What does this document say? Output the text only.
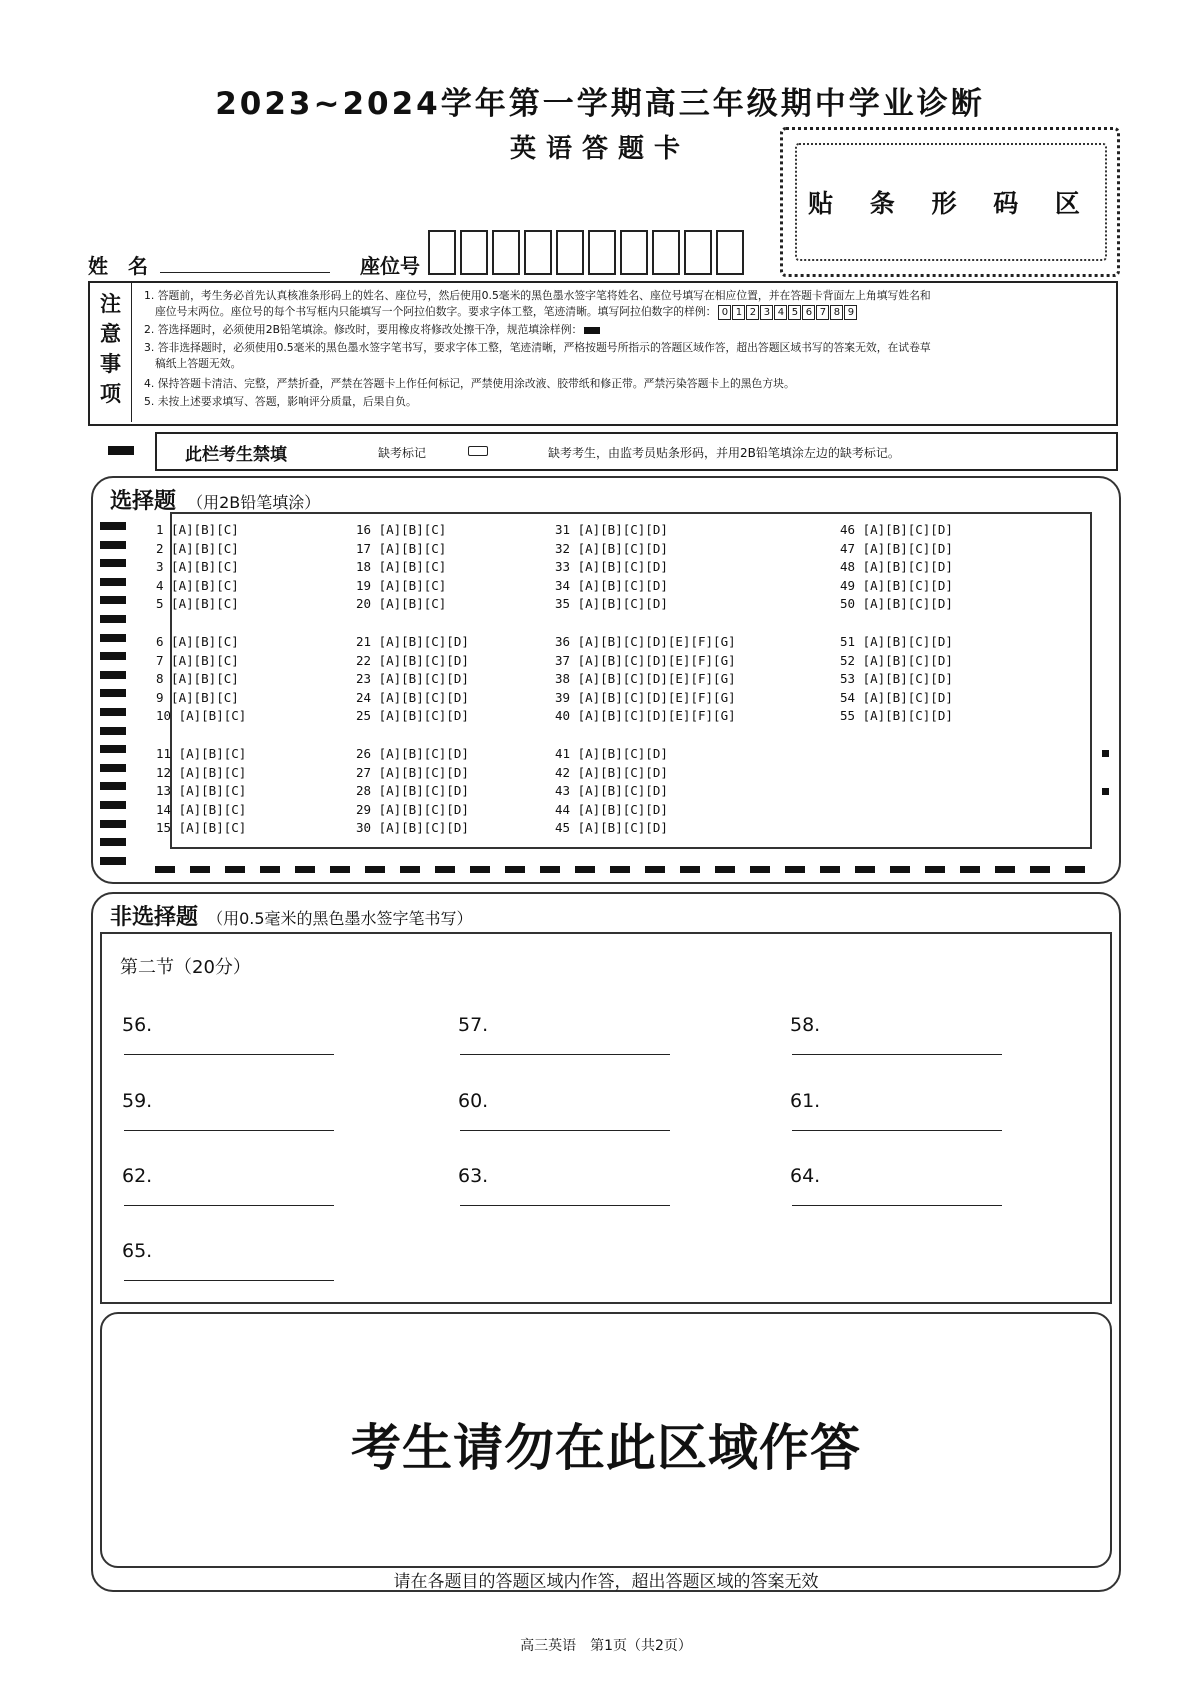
2023~2024学年第一学期高三年级期中学业诊断
英语答题卡
贴 条 形 码 区
姓　名	座位号
注
意
事
项
1. 答题前，考生务必首先认真核准条形码上的姓名、座位号，然后使用0.5毫米的黑色墨水签字笔将姓名、座位号填写在相应位置，并在答题卡背面左上角填写姓名和
座位号末两位。座位号的每个书写框内只能填写一个阿拉伯数字。要求字体工整，笔迹清晰。填写阿拉伯数字的样例： 0 1 2 3 4 5 6 7 8 9
2. 答选择题时，必须使用2B铅笔填涂。修改时，要用橡皮将修改处擦干净，规范填涂样例：
3. 答非选择题时，必须使用0.5毫米的黑色墨水签字笔书写，要求字体工整，笔迹清晰，严格按题号所指示的答题区域作答，超出答题区域书写的答案无效，在试卷草
稿纸上答题无效。
4. 保持答题卡清洁、完整，严禁折叠，严禁在答题卡上作任何标记，严禁使用涂改液、胶带纸和修正带。严禁污染答题卡上的黑色方块。
5. 未按上述要求填写、答题，影响评分质量，后果自负。
此栏考生禁填	缺考标记	缺考考生，由监考员贴条形码，并用2B铅笔填涂左边的缺考标记。
选择题 （用2B铅笔填涂）
1 [A][B][C]
2 [A][B][C]
3 [A][B][C]
4 [A][B][C]
5 [A][B][C]
6 [A][B][C]
7 [A][B][C]
8 [A][B][C]
9 [A][B][C]
10 [A][B][C]
11 [A][B][C]
12 [A][B][C]
13 [A][B][C]
14 [A][B][C]
15 [A][B][C]
16 [A][B][C]
17 [A][B][C]
18 [A][B][C]
19 [A][B][C]
20 [A][B][C]
21 [A][B][C][D]
22 [A][B][C][D]
23 [A][B][C][D]
24 [A][B][C][D]
25 [A][B][C][D]
26 [A][B][C][D]
27 [A][B][C][D]
28 [A][B][C][D]
29 [A][B][C][D]
30 [A][B][C][D]
31 [A][B][C][D]
32 [A][B][C][D]
33 [A][B][C][D]
34 [A][B][C][D]
35 [A][B][C][D]
36 [A][B][C][D][E][F][G]
37 [A][B][C][D][E][F][G]
38 [A][B][C][D][E][F][G]
39 [A][B][C][D][E][F][G]
40 [A][B][C][D][E][F][G]
41 [A][B][C][D]
42 [A][B][C][D]
43 [A][B][C][D]
44 [A][B][C][D]
45 [A][B][C][D]
46 [A][B][C][D]
47 [A][B][C][D]
48 [A][B][C][D]
49 [A][B][C][D]
50 [A][B][C][D]
51 [A][B][C][D]
52 [A][B][C][D]
53 [A][B][C][D]
54 [A][B][C][D]
55 [A][B][C][D]
非选择题 （用0.5毫米的黑色墨水签字笔书写）
第二节（20分）
56.	57.	58.
59.	60.	61.
62.	63.	64.
65.
考生请勿在此区域作答
请在各题目的答题区域内作答，超出答题区域的答案无效
高三英语　第1页（共2页）
